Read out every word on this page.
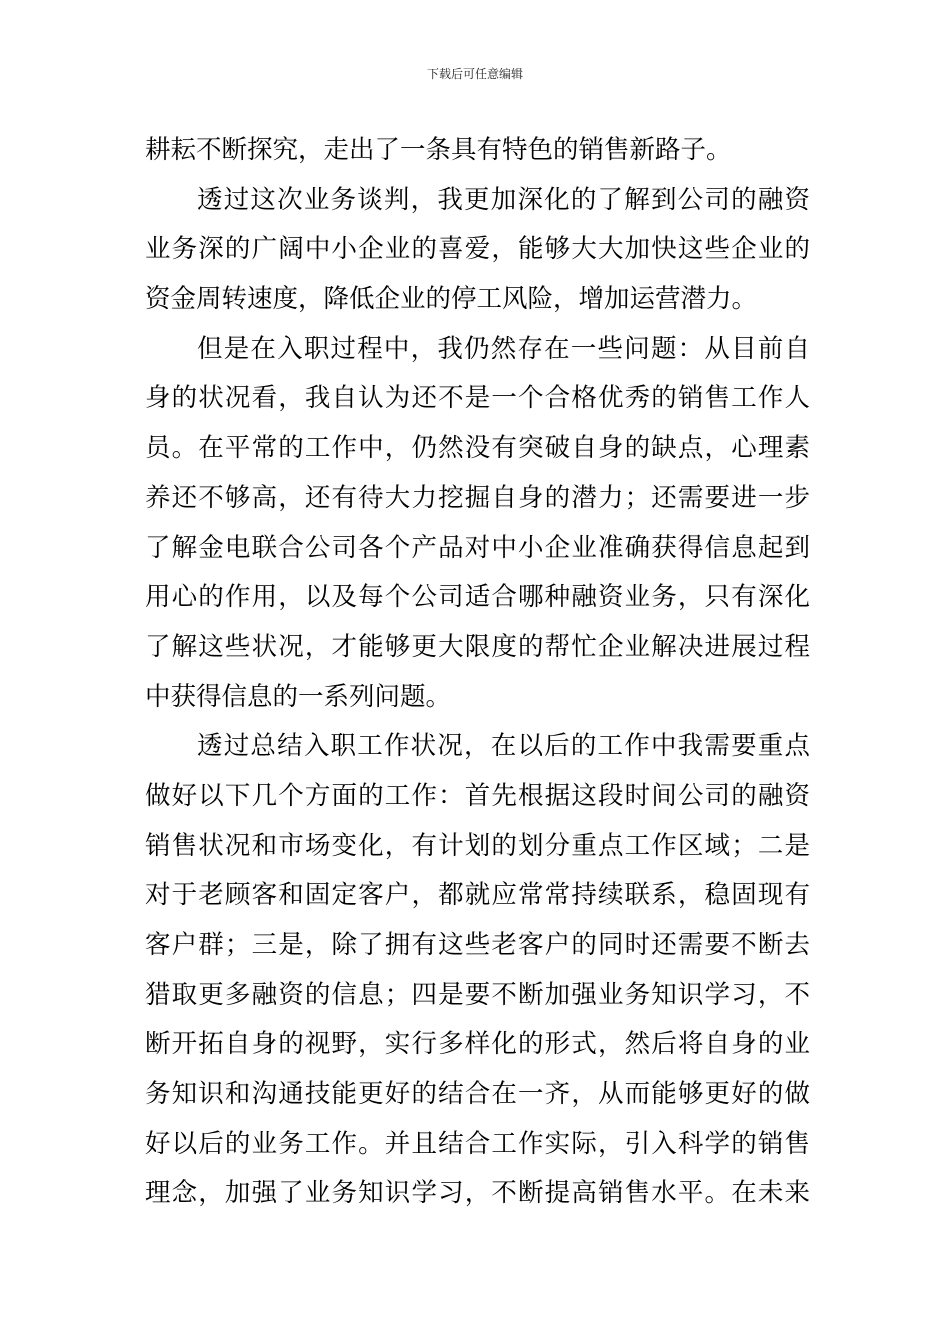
下载后可任意编辑
耕耘不断探究，走出了一条具有特色的销售新路子。
透过这次业务谈判，我更加深化的了解到公司的融资
业务深的广阔中小企业的喜爱，能够大大加快这些企业的
资金周转速度，降低企业的停工风险，增加运营潜力。
但是在入职过程中，我仍然存在一些问题：从目前自
身的状况看，我自认为还不是一个合格优秀的销售工作人
员。在平常的工作中，仍然没有突破自身的缺点，心理素
养还不够高，还有待大力挖掘自身的潜力；还需要进一步
了解金电联合公司各个产品对中小企业准确获得信息起到
用心的作用，以及每个公司适合哪种融资业务，只有深化
了解这些状况，才能够更大限度的帮忙企业解决进展过程
中获得信息的一系列问题。
透过总结入职工作状况，在以后的工作中我需要重点
做好以下几个方面的工作：首先根据这段时间公司的融资
销售状况和市场变化，有计划的划分重点工作区域；二是
对于老顾客和固定客户，都就应常常持续联系，稳固现有
客户群；三是，除了拥有这些老客户的同时还需要不断去
猎取更多融资的信息；四是要不断加强业务知识学习，不
断开拓自身的视野，实行多样化的形式，然后将自身的业
务知识和沟通技能更好的结合在一齐，从而能够更好的做
好以后的业务工作。并且结合工作实际，引入科学的销售
理念，加强了业务知识学习，不断提高销售水平。在未来
